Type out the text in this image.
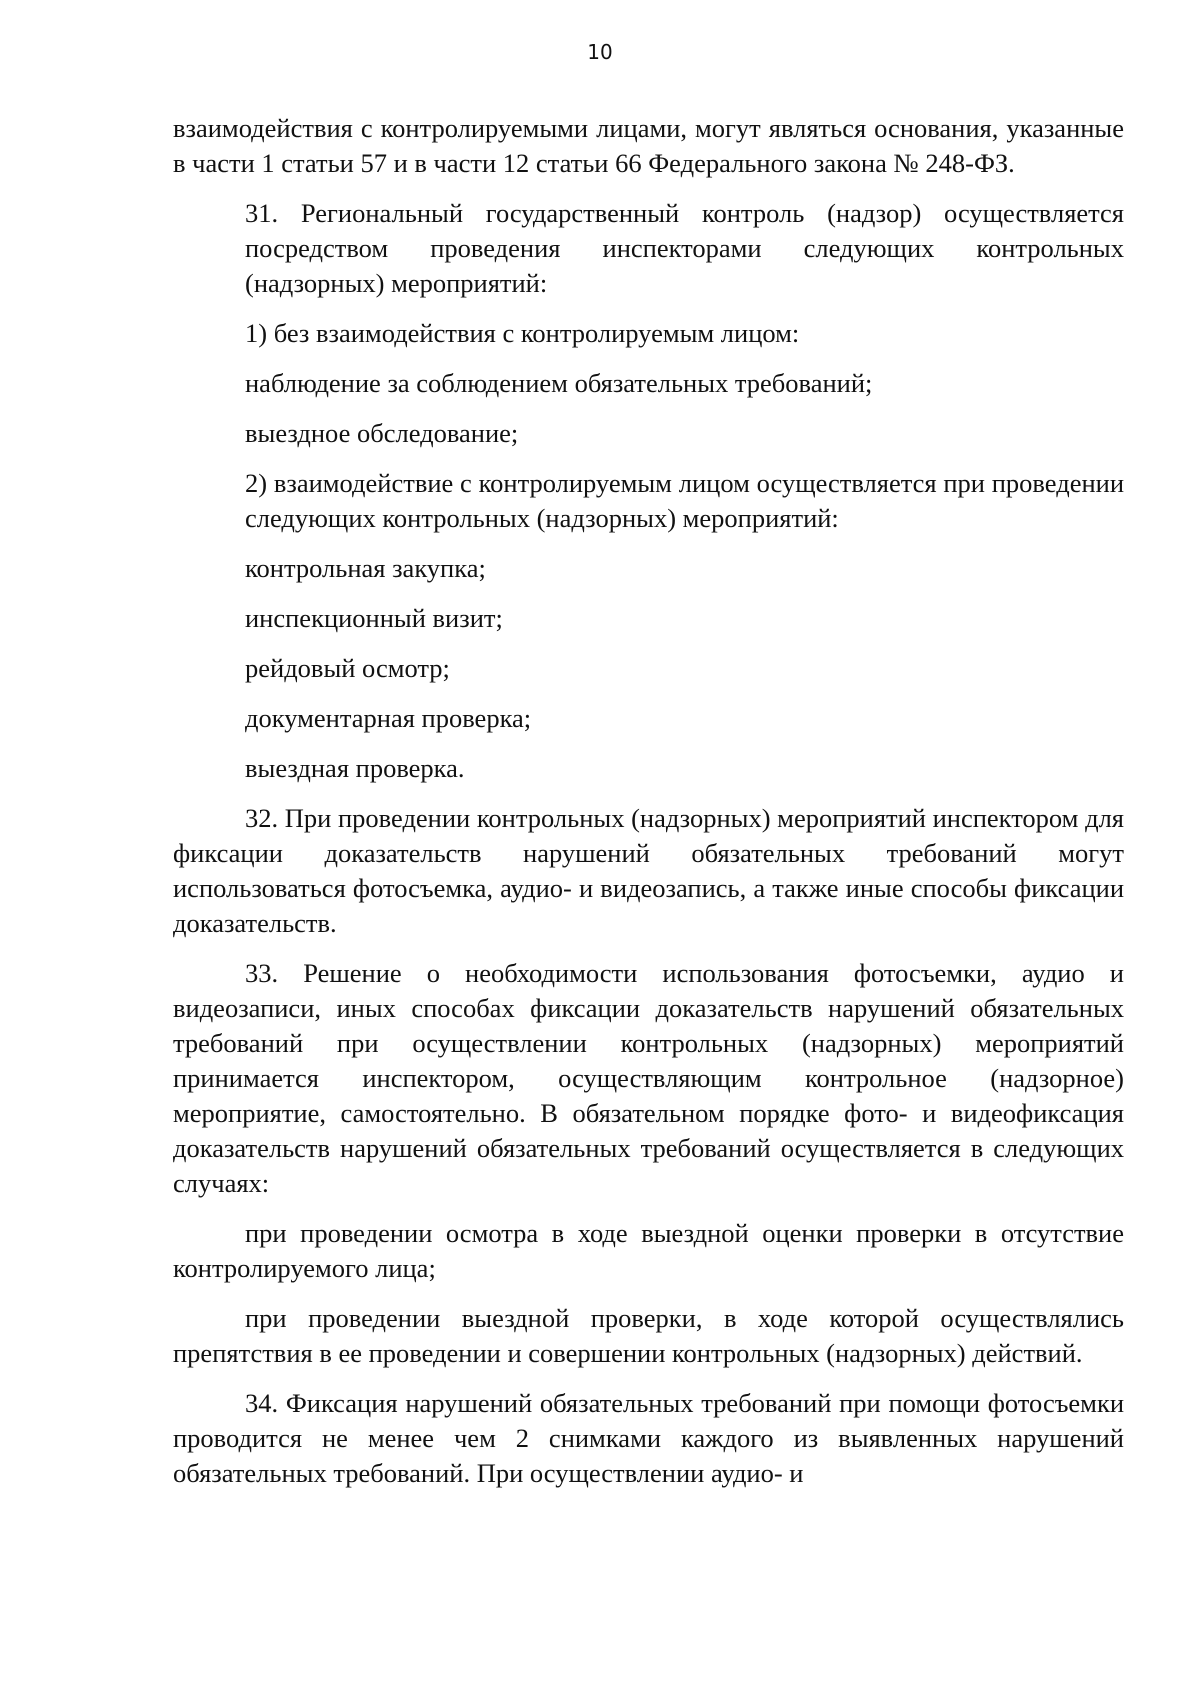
10

взаимодействия с контролируемыми лицами, могут являться основания, указанные в части 1 статьи 57 и в части 12 статьи 66 Федерального закона № 248-ФЗ.

31. Региональный государственный контроль (надзор) осуществляется посредством проведения инспекторами следующих контрольных (надзорных) мероприятий:

1) без взаимодействия с контролируемым лицом:

наблюдение за соблюдением обязательных требований;

выездное обследование;

2) взаимодействие с контролируемым лицом осуществляется при проведении следующих контрольных (надзорных) мероприятий:

контрольная закупка;

инспекционный визит;

рейдовый осмотр;

документарная проверка;

выездная проверка.

32. При проведении контрольных (надзорных) мероприятий инспектором для фиксации доказательств нарушений обязательных требований могут использоваться фотосъемка, аудио- и видеозапись, а также иные способы фиксации доказательств.

33. Решение о необходимости использования фотосъемки, аудио и видеозаписи, иных способах фиксации доказательств нарушений обязательных требований при осуществлении контрольных (надзорных) мероприятий принимается инспектором, осуществляющим контрольное (надзорное) мероприятие, самостоятельно. В обязательном порядке фото- и видеофиксация доказательств нарушений обязательных требований осуществляется в следующих случаях:

при проведении осмотра в ходе выездной оценки проверки в отсутствие контролируемого лица;

при проведении выездной проверки, в ходе которой осуществлялись препятствия в ее проведении и совершении контрольных (надзорных) действий.

34. Фиксация нарушений обязательных требований при помощи фотосъемки проводится не менее чем 2 снимками каждого из выявленных нарушений обязательных требований. При осуществлении аудио- и
